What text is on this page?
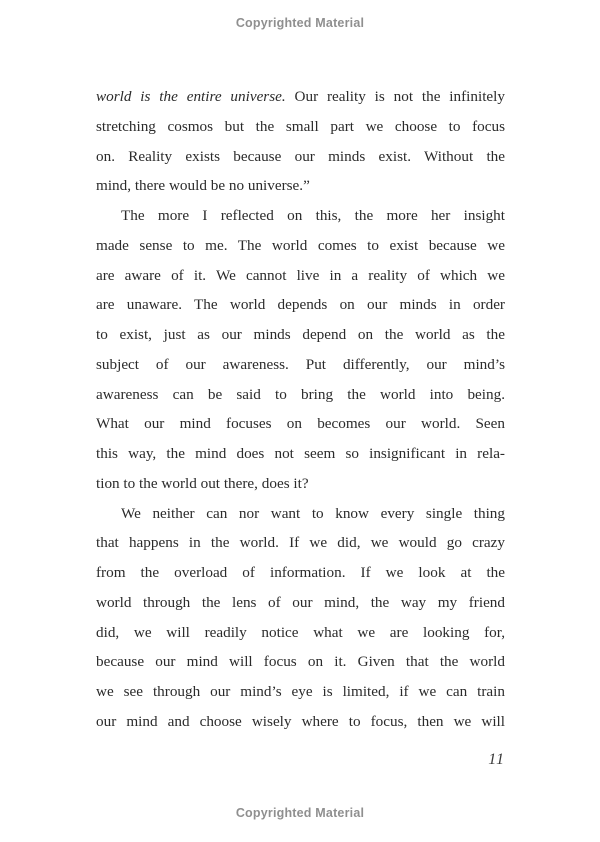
Copyrighted Material
world is the entire universe. Our reality is not the infinitely
stretching cosmos but the small part we choose to focus
on. Reality exists because our minds exist. Without the
mind, there would be no universe.”
The more I reflected on this, the more her insight
made sense to me. The world comes to exist because we
are aware of it. We cannot live in a reality of which we
are unaware. The world depends on our minds in order
to exist, just as our minds depend on the world as the
subject of our awareness. Put differently, our mind’s
awareness can be said to bring the world into being.
What our mind focuses on becomes our world. Seen
this way, the mind does not seem so insignificant in rela-
tion to the world out there, does it?
We neither can nor want to know every single thing
that happens in the world. If we did, we would go crazy
from the overload of information. If we look at the
world through the lens of our mind, the way my friend
did, we will readily notice what we are looking for,
because our mind will focus on it. Given that the world
we see through our mind’s eye is limited, if we can train
our mind and choose wisely where to focus, then we will
11
Copyrighted Material
